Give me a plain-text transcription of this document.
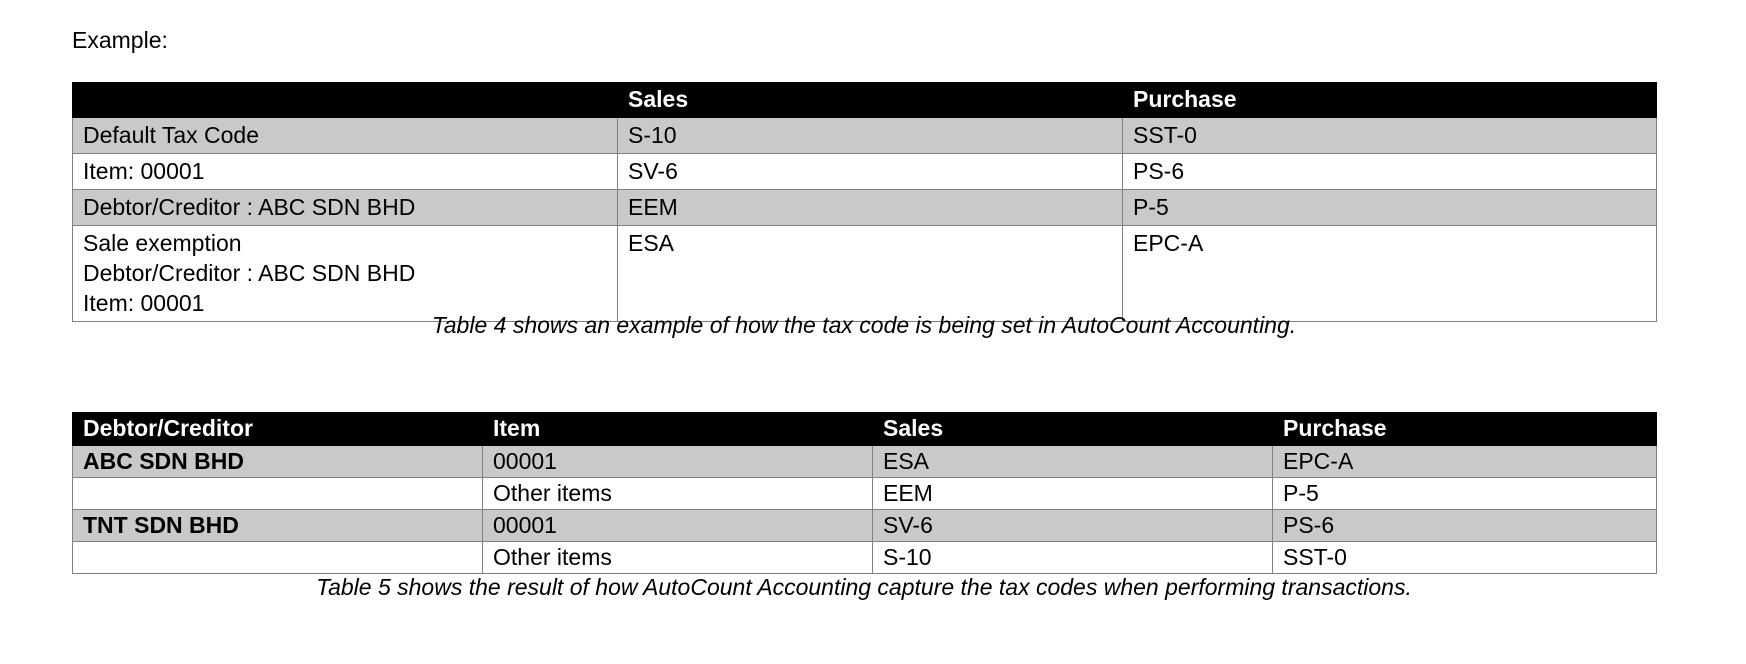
Example:
	Sales	Purchase
Default Tax Code	S-10	SST-0
Item: 00001	SV-6	PS-6
Debtor/Creditor : ABC SDN BHD	EEM	P-5
Sale exemption
Debtor/Creditor : ABC SDN BHD
Item: 00001	ESA	EPC-A
Table 4 shows an example of how the tax code is being set in AutoCount Accounting.
Debtor/Creditor	Item	Sales	Purchase
ABC SDN BHD	00001	ESA	EPC-A
	Other items	EEM	P-5
TNT SDN BHD	00001	SV-6	PS-6
	Other items	S-10	SST-0
Table 5 shows the result of how AutoCount Accounting capture the tax codes when performing transactions.
